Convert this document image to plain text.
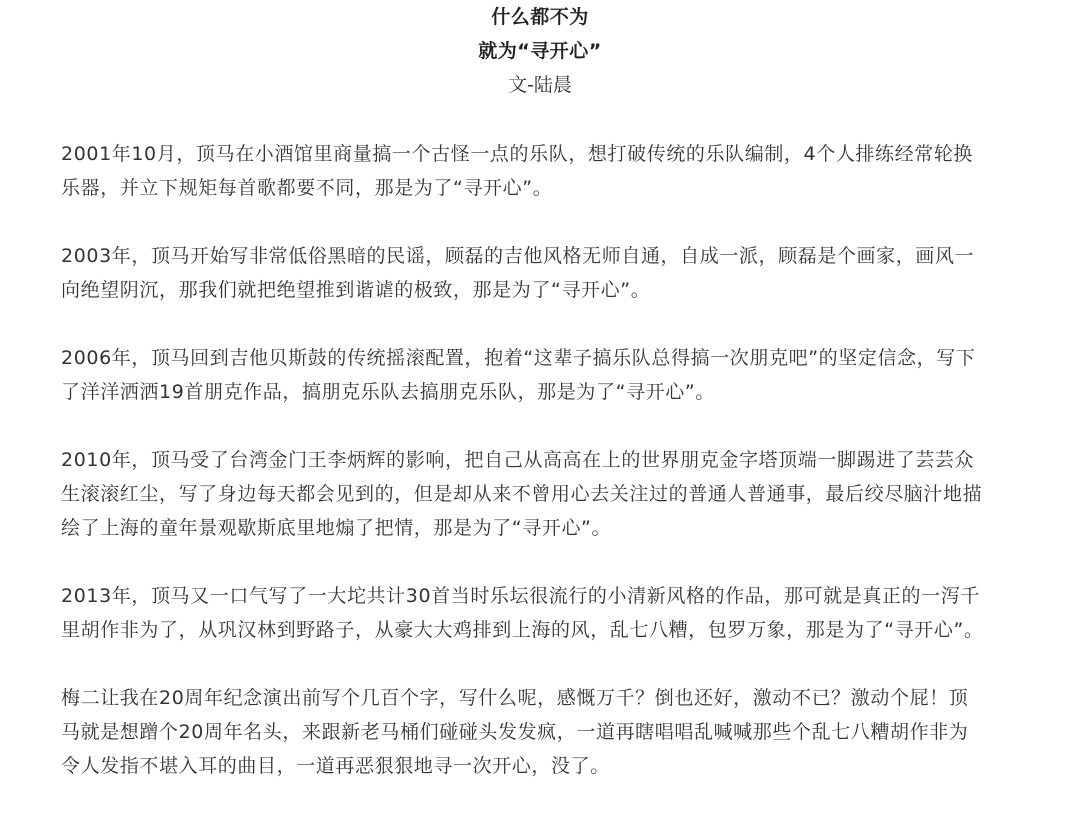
什么都不为
就为“寻开心”
文-陆晨

2001年10月，顶马在小酒馆里商量搞一个古怪一点的乐队，想打破传统的乐队编制，4个人排练经常轮换乐器，并立下规矩每首歌都要不同，那是为了“寻开心”。

2003年，顶马开始写非常低俗黑暗的民谣，顾磊的吉他风格无师自通，自成一派，顾磊是个画家，画风一向绝望阴沉，那我们就把绝望推到谐谑的极致，那是为了“寻开心”。

2006年，顶马回到吉他贝斯鼓的传统摇滚配置，抱着“这辈子搞乐队总得搞一次朋克吧”的坚定信念，写下了洋洋洒洒19首朋克作品，搞朋克乐队去搞朋克乐队，那是为了“寻开心”。

2010年，顶马受了台湾金门王李炳辉的影响，把自己从高高在上的世界朋克金字塔顶端一脚踢进了芸芸众生滚滚红尘，写了身边每天都会见到的，但是却从来不曾用心去关注过的普通人普通事，最后绞尽脑汁地描绘了上海的童年景观歇斯底里地煽了把情，那是为了“寻开心”。

2013年，顶马又一口气写了一大坨共计30首当时乐坛很流行的小清新风格的作品，那可就是真正的一泻千里胡作非为了，从巩汉林到野路子，从豪大大鸡排到上海的风，乱七八糟，包罗万象，那是为了“寻开心”。

梅二让我在20周年纪念演出前写个几百个字，写什么呢，感慨万千？倒也还好，激动不已？激动个屁！顶马就是想蹭个20周年名头，来跟新老马桶们碰碰头发发疯，一道再瞎唱唱乱喊喊那些个乱七八糟胡作非为令人发指不堪入耳的曲目，一道再恶狠狠地寻一次开心，没了。
